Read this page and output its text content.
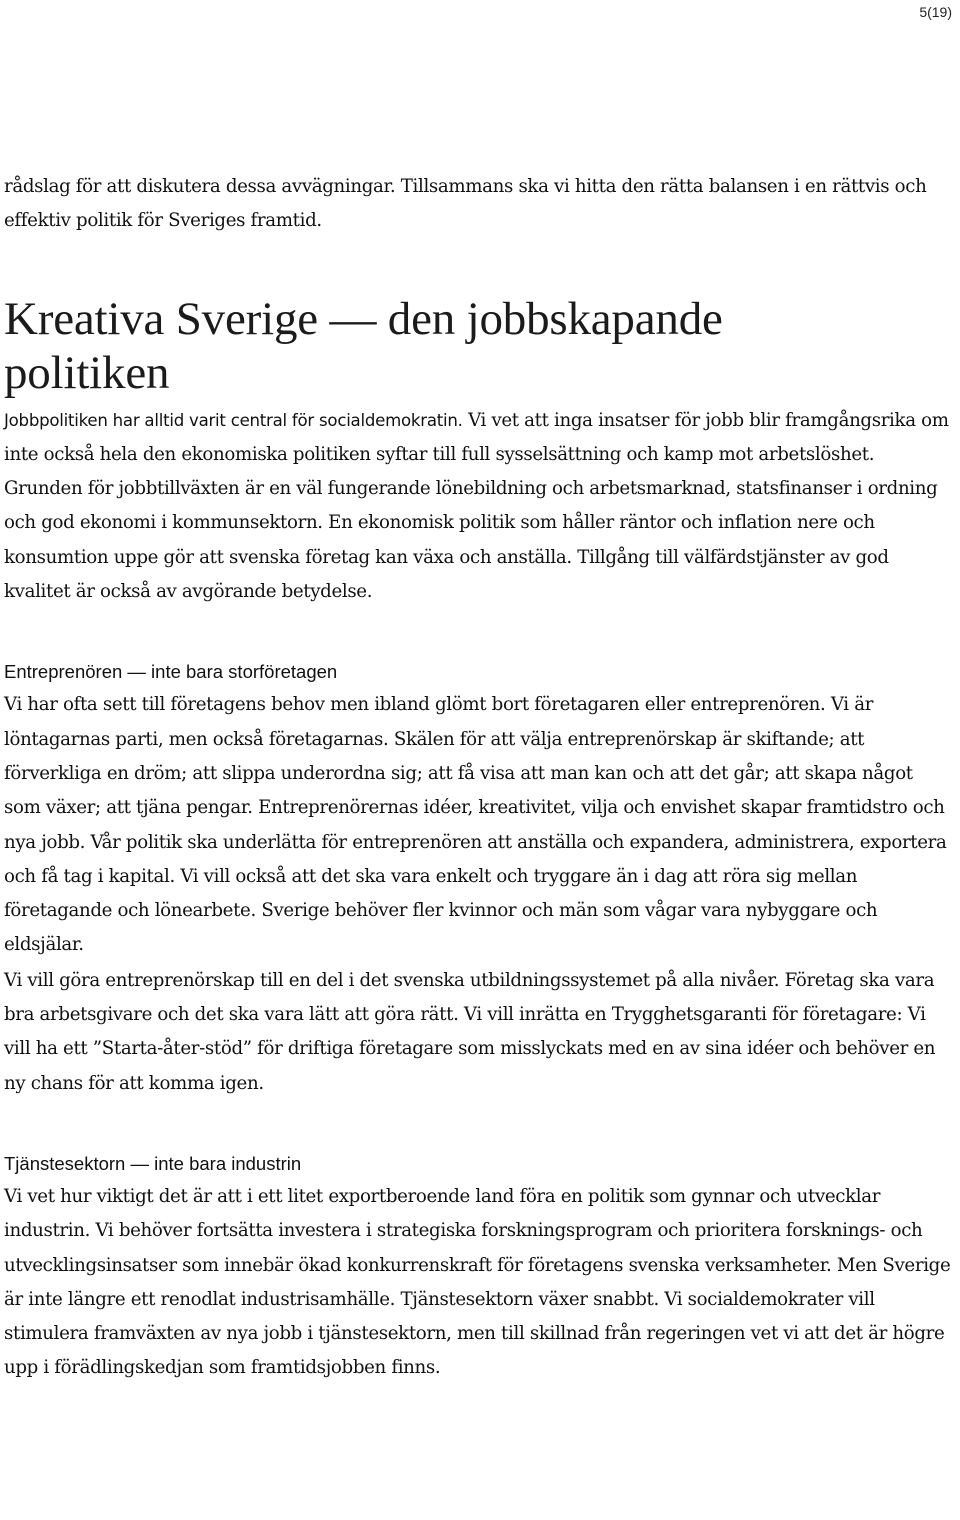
5(19)

rådslag för att diskutera dessa avvägningar. Tillsammans ska vi hitta den rätta balansen i en rättvis och effektiv politik för Sveriges framtid.

Kreativa Sverige — den jobbskapande
politiken

Jobbpolitiken har alltid varit central för socialdemokratin. Vi vet att inga insatser för jobb blir framgångsrika om inte också hela den ekonomiska politiken syftar till full sysselsättning och kamp mot arbetslöshet. Grunden för jobbtillväxten är en väl fungerande lönebildning och arbetsmarknad, statsfinanser i ordning och god ekonomi i kommunsektorn. En ekonomisk politik som håller räntor och inflation nere och konsumtion uppe gör att svenska företag kan växa och anställa. Tillgång till välfärdstjänster av god kvalitet är också av avgörande betydelse.

Entreprenören — inte bara storföretagen

Vi har ofta sett till företagens behov men ibland glömt bort företagaren eller entreprenören. Vi är löntagarnas parti, men också företagarnas. Skälen för att välja entreprenörskap är skiftande; att förverkliga en dröm; att slippa underordna sig; att få visa att man kan och att det går; att skapa något som växer; att tjäna pengar. Entreprenörernas idéer, kreativitet, vilja och envishet skapar framtidstro och nya jobb. Vår politik ska underlätta för entreprenören att anställa och expandera, administrera, exportera och få tag i kapital. Vi vill också att det ska vara enkelt och tryggare än i dag att röra sig mellan företagande och lönearbete. Sverige behöver fler kvinnor och män som vågar vara nybyggare och eldsjälar.

Vi vill göra entreprenörskap till en del i det svenska utbildningssystemet på alla nivåer. Företag ska vara bra arbetsgivare och det ska vara lätt att göra rätt. Vi vill inrätta en Trygghetsgaranti för företagare: Vi vill ha ett ”Starta-åter-stöd” för driftiga företagare som misslyckats med en av sina idéer och behöver en ny chans för att komma igen.

Tjänstesektorn — inte bara industrin

Vi vet hur viktigt det är att i ett litet exportberoende land föra en politik som gynnar och utvecklar industrin. Vi behöver fortsätta investera i strategiska forskningsprogram och prioritera forsknings- och utvecklingsinsatser som innebär ökad konkurrenskraft för företagens svenska verksamheter. Men Sverige är inte längre ett renodlat industrisamhälle. Tjänstesektorn växer snabbt. Vi socialdemokrater vill stimulera framväxten av nya jobb i tjänstesektorn, men till skillnad från regeringen vet vi att det är högre upp i förädlingskedjan som framtidsjobben finns.
